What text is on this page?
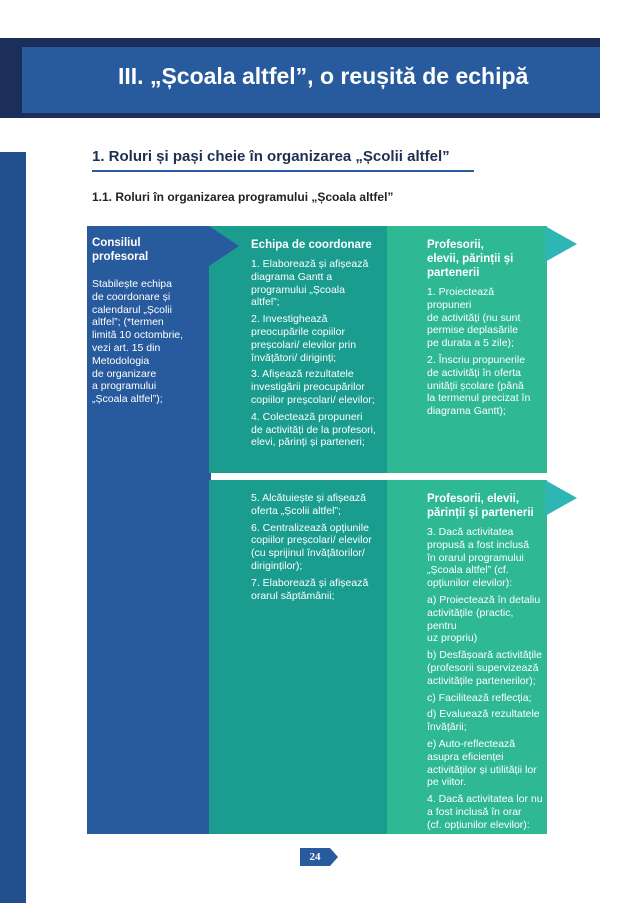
III. „Școala altfel”, o reușită de echipă
1. Roluri și pași cheie în organizarea „Școlii altfel”
1.1. Roluri în organizarea programului „Școala altfel”
Consiliul
profesoral
Stabilește echipa
de coordonare și
calendarul „Școlii
altfel”; (*termen
limită 10 octombrie,
vezi art. 15 din
Metodologia
de organizare
a programului
„Școala altfel”);
Echipa de coordonare

1. Elaborează și afișează
diagrama Gantt a
programului „Școala
altfel”;

2. Investighează
preocupările copiilor
preșcolari/ elevilor prin
învățători/ diriginți;

3. Afișează rezultatele
investigării preocupărilor
copiilor preșcolari/ elevilor;

4. Colectează propuneri
de activități de la profesori,
elevi, părinți și parteneri;

Profesorii,
elevii, părinții și
partenerii

1. Proiectează
propuneri
de activități (nu sunt
permise deplasările
pe durata a 5 zile);

2. Înscriu propunerile
de activități în oferta
unității școlare (până
la termenul precizat în
diagrama Gantt);

5. Alcătuiește și afișează
oferta „Școlii altfel”;

6. Centralizează opțiunile
copiilor preșcolari/ elevilor
(cu sprijinul învățătorilor/
diriginților);

7. Elaborează și afișează
orarul săptămânii;

Profesorii, elevii,
părinții și partenerii

3. Dacă activitatea
propusă a fost inclusă
în orarul programului
„Școala altfel” (cf.
opțiunilor elevilor):

a) Proiectează în detaliu
activitățile (practic, pentru
uz propriu)

b) Desfășoară activitățile
(profesorii supervizează
activitățile partenerilor);

c) Facilitează reflecția;

d) Evaluează rezultatele
învățării;

e) Auto-reflectează
asupra eficienței
activităților și utilității lor
pe viitor.

4. Dacă activitatea lor nu
a fost inclusă în orar
(cf. opțiunilor elevilor):

24
